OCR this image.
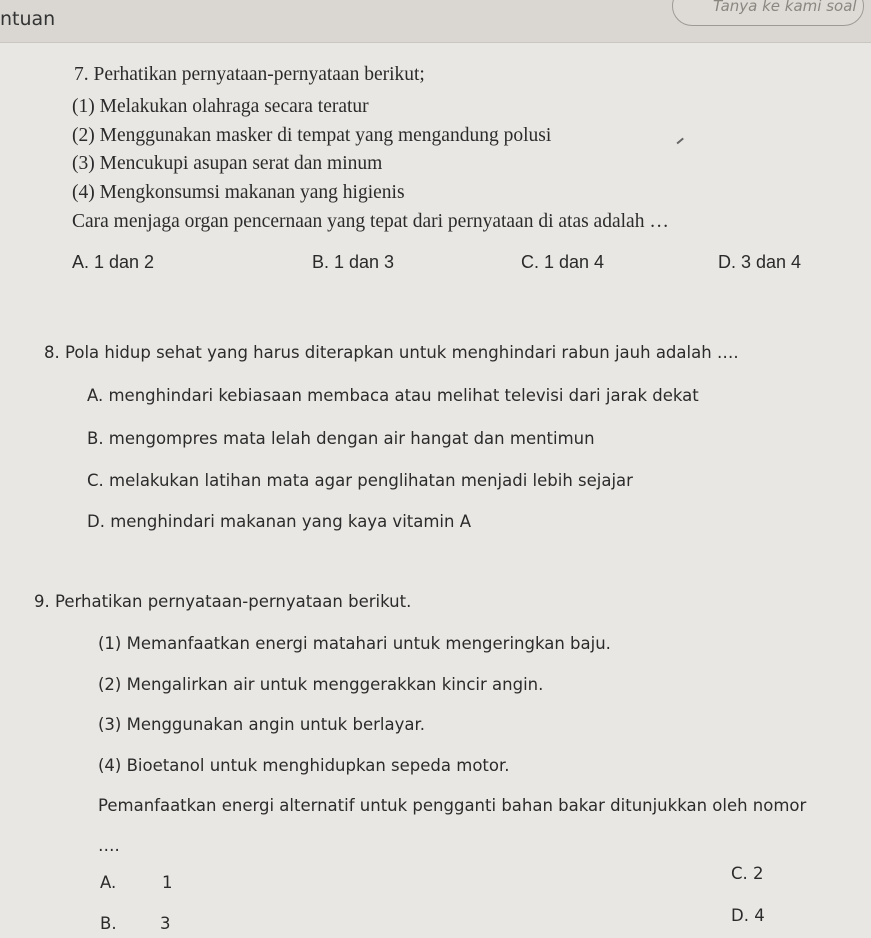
ntuan
Tanya ke kami soal
7. Perhatikan pernyataan-pernyataan berikut;
(1) Melakukan olahraga secara teratur
(2) Menggunakan masker di tempat yang mengandung polusi
(3) Mencukupi asupan serat dan minum
(4) Mengkonsumsi makanan yang higienis
Cara menjaga organ pencernaan yang tepat dari pernyataan di atas adalah …
A. 1 dan 2	B. 1 dan 3	C. 1 dan 4	D. 3 dan 4
8. Pola hidup sehat yang harus diterapkan untuk menghindari rabun jauh adalah ….
A. menghindari kebiasaan membaca atau melihat televisi dari jarak dekat
B. mengompres mata lelah dengan air hangat dan mentimun
C. melakukan latihan mata agar penglihatan menjadi lebih sejajar
D. menghindari makanan yang kaya vitamin A
9. Perhatikan pernyataan-pernyataan berikut.
(1) Memanfaatkan energi matahari untuk mengeringkan baju.
(2) Mengalirkan air untuk menggerakkan kincir angin.
(3) Menggunakan angin untuk berlayar.
(4) Bioetanol untuk menghidupkan sepeda motor.
Pemanfaatkan energi alternatif untuk pengganti bahan bakar ditunjukkan oleh nomor
….
A.	1
B.	3
C. 2
D. 4
